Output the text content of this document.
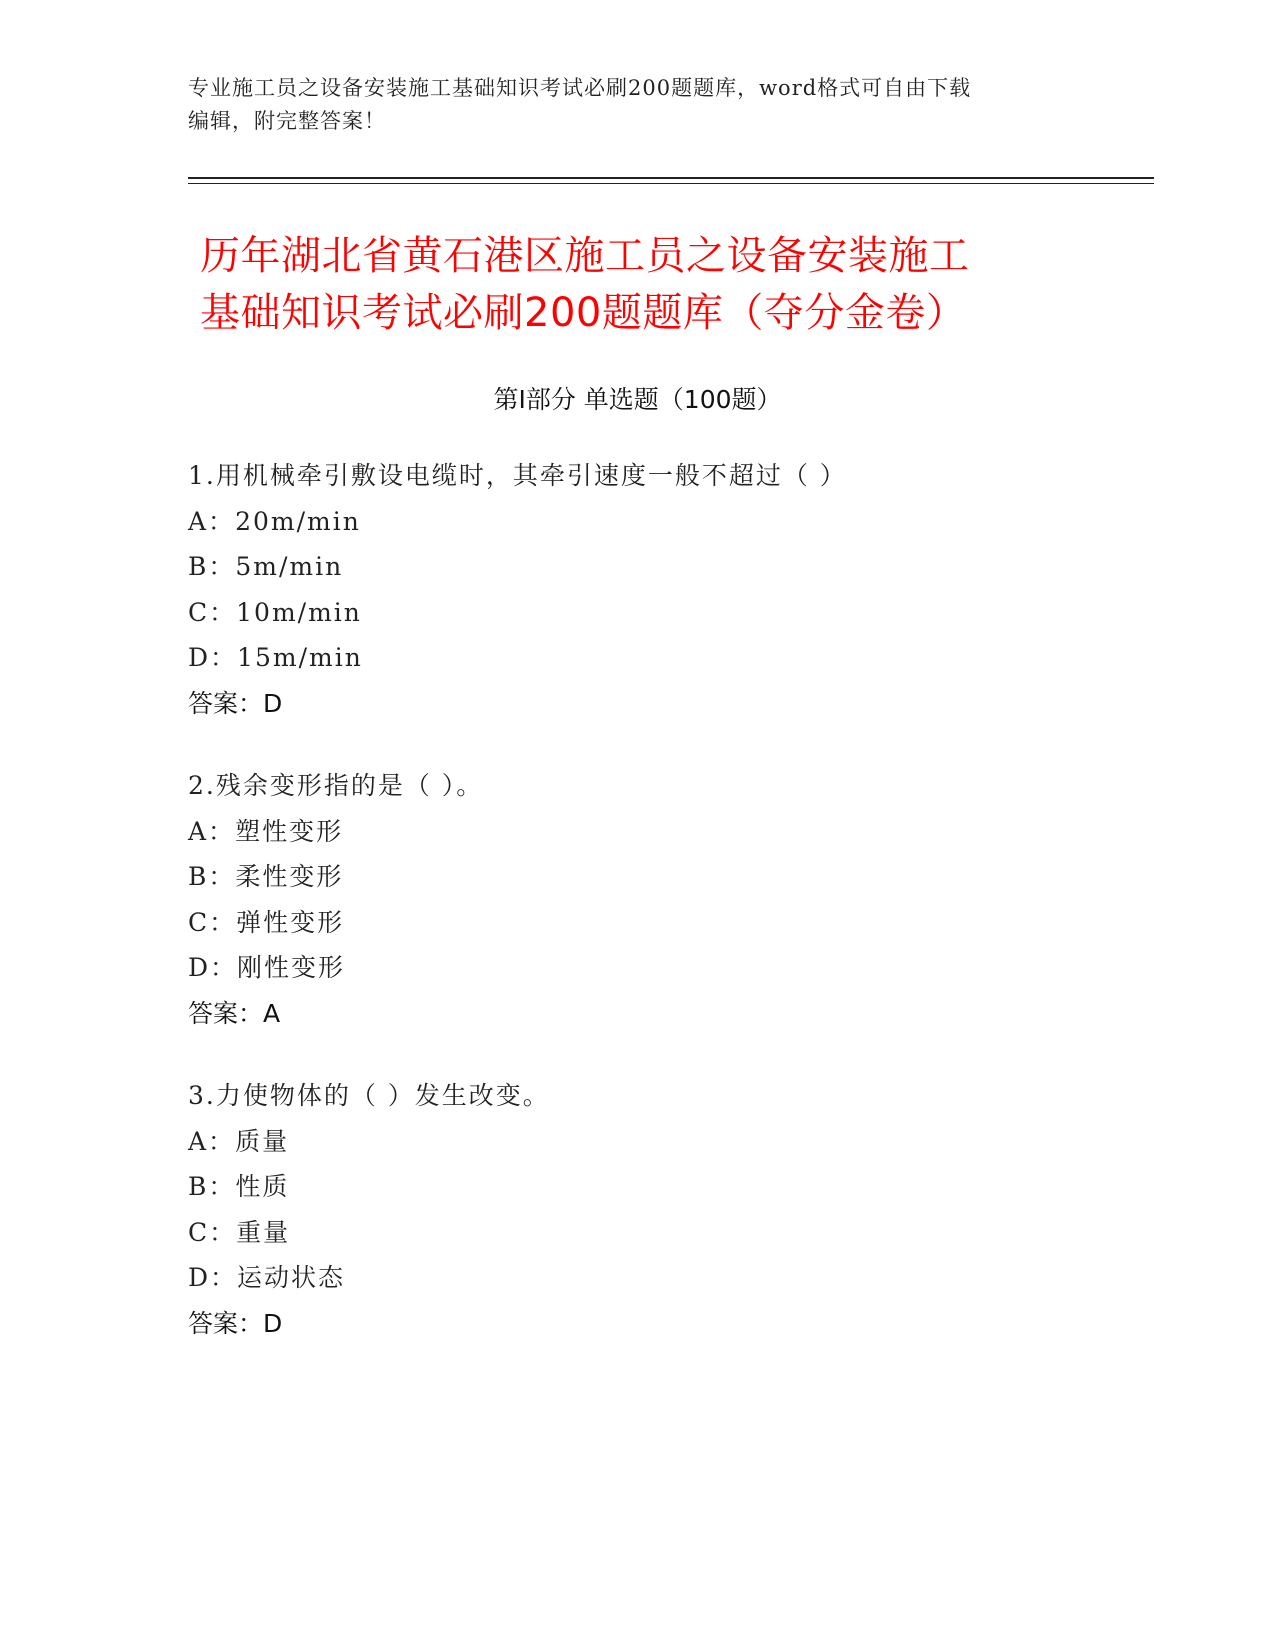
专业施工员之设备安装施工基础知识考试必刷200题题库，word格式可自由下载
编辑，附完整答案！
历年湖北省黄石港区施工员之设备安装施工
基础知识考试必刷200题题库（夺分金卷）
第Ⅰ部分 单选题（100题）
1.用机械牵引敷设电缆时，其牵引速度一般不超过（ ）
A：20m/min
B：5m/min
C：10m/min
D：15m/min
答案：D
2.残余变形指的是（ ）。
A：塑性变形
B：柔性变形
C：弹性变形
D：刚性变形
答案：A
3.力使物体的（ ）发生改变。
A：质量
B：性质
C：重量
D：运动状态
答案：D
